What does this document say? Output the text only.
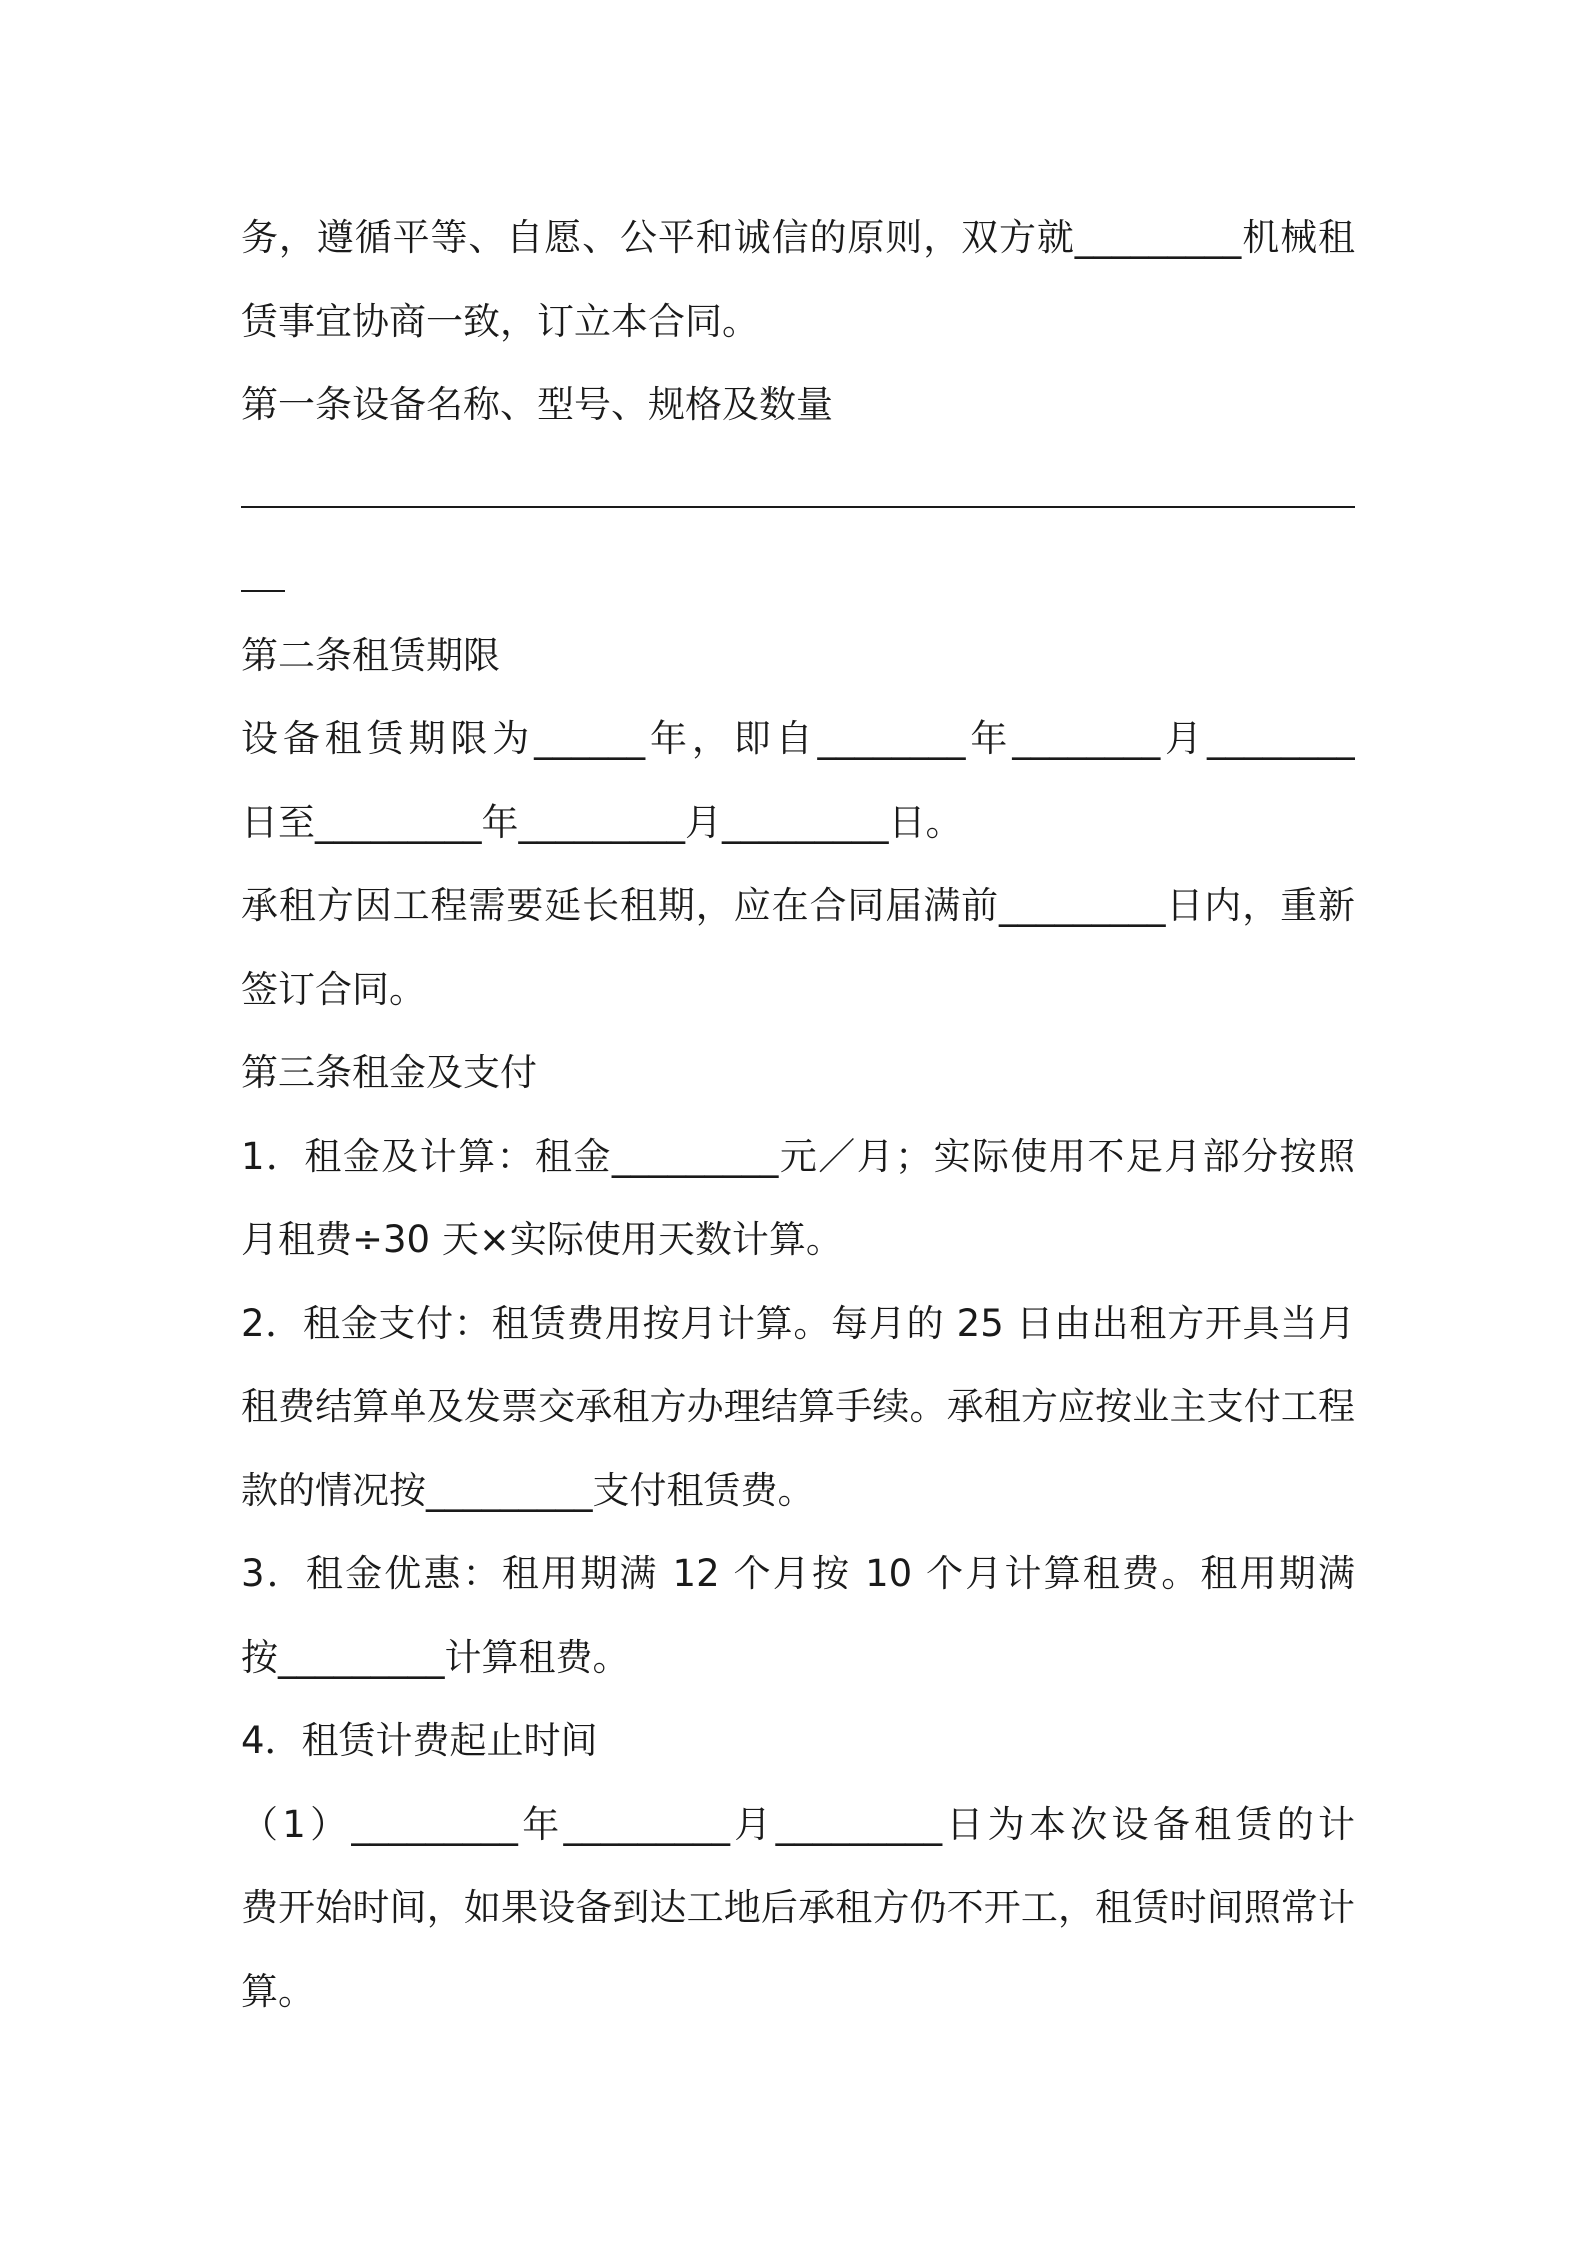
务，遵循平等、自愿、公平和诚信的原则，双方就_________机械租
赁事宜协商一致，订立本合同。
第一条设备名称、型号、规格及数量
第二条租赁期限
设备租赁期限为______年，即自________年________月________
日至_________年_________月_________日。
承租方因工程需要延长租期，应在合同届满前_________日内，重新
签订合同。
第三条租金及支付
1．租金及计算：租金_________元／月；实际使用不足月部分按照
月租费÷30 天×实际使用天数计算。
2．租金支付：租赁费用按月计算。每月的 25 日由出租方开具当月
租费结算单及发票交承租方办理结算手续。承租方应按业主支付工程
款的情况按_________支付租赁费。
3．租金优惠：租用期满 12 个月按 10 个月计算租费。租用期满
按_________计算租费。
4．租赁计费起止时间
（1）_________年_________月_________日为本次设备租赁的计
费开始时间，如果设备到达工地后承租方仍不开工，租赁时间照常计
算。
